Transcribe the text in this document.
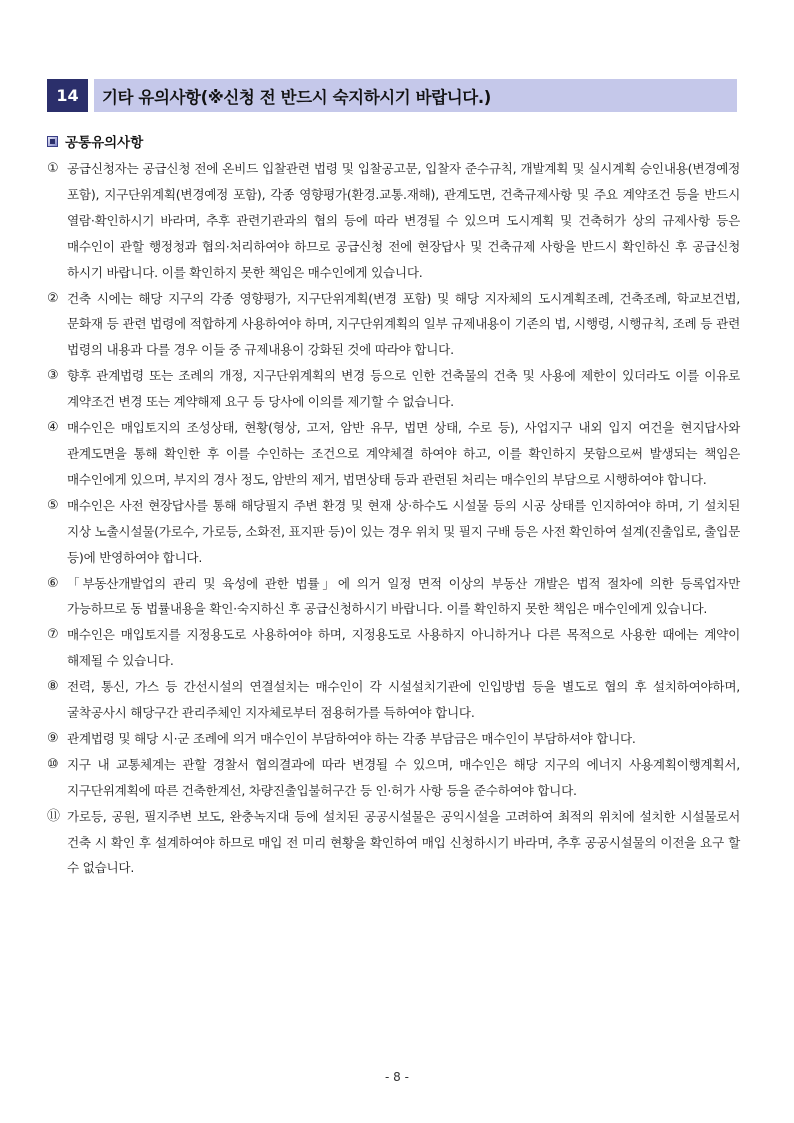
14	기타 유의사항(※신청 전 반드시 숙지하시기 바랍니다.)
공통유의사항
① 공급신청자는 공급신청 전에 온비드 입찰관련 법령 및 입찰공고문, 입찰자 준수규칙, 개발계획 및 실시계획 승인내용(변경예정 포함), 지구단위계획(변경예정 포함), 각종 영향평가(환경.교통.재해), 관계도면, 건축규제사항 및 주요 계약조건 등을 반드시 열람·확인하시기 바라며, 추후 관련기관과의 협의 등에 따라 변경될 수 있으며 도시계획 및 건축허가 상의 규제사항 등은 매수인이 관할 행정청과 협의·처리하여야 하므로 공급신청 전에 현장답사 및 건축규제 사항을 반드시 확인하신 후 공급신청 하시기 바랍니다. 이를 확인하지 못한 책임은 매수인에게 있습니다.
② 건축 시에는 해당 지구의 각종 영향평가, 지구단위계획(변경 포함) 및 해당 지자체의 도시계획조례, 건축조례, 학교보건법, 문화재 등 관련 법령에 적합하게 사용하여야 하며, 지구단위계획의 일부 규제내용이 기존의 법, 시행령, 시행규칙, 조례 등 관련 법령의 내용과 다를 경우 이들 중 규제내용이 강화된 것에 따라야 합니다.
③ 향후 관계법령 또는 조례의 개정, 지구단위계획의 변경 등으로 인한 건축물의 건축 및 사용에 제한이 있더라도 이를 이유로 계약조건 변경 또는 계약해제 요구 등 당사에 이의를 제기할 수 없습니다.
④ 매수인은 매입토지의 조성상태, 현황(형상, 고저, 암반 유무, 법면 상태, 수로 등), 사업지구 내외 입지 여건을 현지답사와 관계도면을 통해 확인한 후 이를 수인하는 조건으로 계약체결 하여야 하고, 이를 확인하지 못함으로써 발생되는 책임은 매수인에게 있으며, 부지의 경사 정도, 암반의 제거, 법면상태 등과 관련된 처리는 매수인의 부담으로 시행하여야 합니다.
⑤ 매수인은 사전 현장답사를 통해 해당필지 주변 환경 및 현재 상·하수도 시설물 등의 시공 상태를 인지하여야 하며, 기 설치된 지상 노출시설물(가로수, 가로등, 소화전, 표지판 등)이 있는 경우 위치 및 필지 구배 등은 사전 확인하여 설계(진출입로, 출입문 등)에 반영하여야 합니다.
⑥ 「부동산개발업의 관리 및 육성에 관한 법률」에 의거 일정 면적 이상의 부동산 개발은 법적 절차에 의한 등록업자만 가능하므로 동 법률내용을 확인·숙지하신 후 공급신청하시기 바랍니다. 이를 확인하지 못한 책임은 매수인에게 있습니다.
⑦ 매수인은 매입토지를 지정용도로 사용하여야 하며, 지정용도로 사용하지 아니하거나 다른 목적으로 사용한 때에는 계약이 해제될 수 있습니다.
⑧ 전력, 통신, 가스 등 간선시설의 연결설치는 매수인이 각 시설설치기관에 인입방법 등을 별도로 협의 후 설치하여야하며, 굴착공사시 해당구간 관리주체인 지자체로부터 점용허가를 득하여야 합니다.
⑨ 관계법령 및 해당 시·군 조례에 의거 매수인이 부담하여야 하는 각종 부담금은 매수인이 부담하셔야 합니다.
⑩ 지구 내 교통체계는 관할 경찰서 협의결과에 따라 변경될 수 있으며, 매수인은 해당 지구의 에너지 사용계획이행계획서, 지구단위계획에 따른 건축한계선, 차량진출입불허구간 등 인·허가 사항 등을 준수하여야 합니다.
⑪ 가로등, 공원, 필지주변 보도, 완충녹지대 등에 설치된 공공시설물은 공익시설을 고려하여 최적의 위치에 설치한 시설물로서 건축 시 확인 후 설계하여야 하므로 매입 전 미리 현황을 확인하여 매입 신청하시기 바라며, 추후 공공시설물의 이전을 요구 할 수 없습니다.
- 8 -
